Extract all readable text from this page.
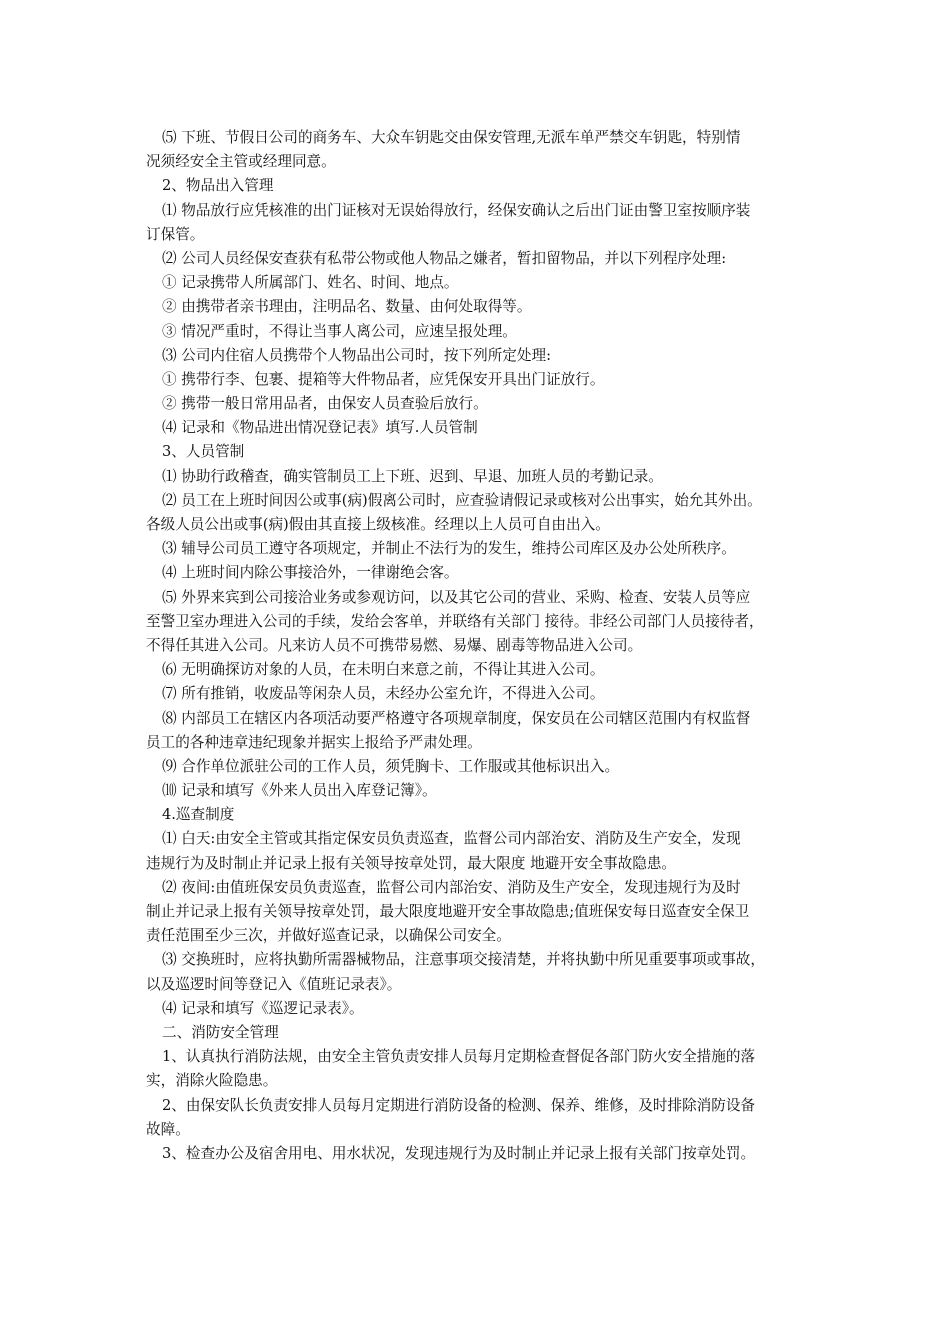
⑸ 下班、节假日公司的商务车、大众车钥匙交由保安管理,无派车单严禁交车钥匙，特别情
况须经安全主管或经理同意。
2、物品出入管理
⑴ 物品放行应凭核准的出门证核对无误始得放行，经保安确认之后出门证由警卫室按顺序装
订保管。
⑵ 公司人员经保安查获有私带公物或他人物品之嫌者，暂扣留物品，并以下列程序处理:
① 记录携带人所属部门、姓名、时间、地点。
② 由携带者亲书理由，注明品名、数量、由何处取得等。
③ 情况严重时，不得让当事人离公司，应速呈报处理。
⑶ 公司内住宿人员携带个人物品出公司时，按下列所定处理:
① 携带行李、包裹、提箱等大件物品者，应凭保安开具出门证放行。
② 携带一般日常用品者，由保安人员查验后放行。
⑷ 记录和《物品进出情况登记表》填写.人员管制
3、人员管制
⑴ 协助行政稽查，确实管制员工上下班、迟到、早退、加班人员的考勤记录。
⑵ 员工在上班时间因公或事(病)假离公司时，应查验请假记录或核对公出事实，始允其外出。
各级人员公出或事(病)假由其直接上级核准。经理以上人员可自由出入。
⑶ 辅导公司员工遵守各项规定，并制止不法行为的发生，维持公司库区及办公处所秩序。
⑷ 上班时间内除公事接洽外，一律谢绝会客。
⑸ 外界来宾到公司接洽业务或参观访问，以及其它公司的营业、采购、检查、安装人员等应
至警卫室办理进入公司的手续，发给会客单，并联络有关部门 接待。非经公司部门人员接待者，
不得任其进入公司。凡来访人员不可携带易燃、易爆、剧毒等物品进入公司。
⑹ 无明确探访对象的人员，在未明白来意之前，不得让其进入公司。
⑺ 所有推销，收废品等闲杂人员，未经办公室允许，不得进入公司。
⑻ 内部员工在辖区内各项活动要严格遵守各项规章制度，保安员在公司辖区范围内有权监督
员工的各种违章违纪现象并据实上报给予严肃处理。
⑼ 合作单位派驻公司的工作人员，须凭胸卡、工作服或其他标识出入。
⑽ 记录和填写《外来人员出入库登记簿》。
4.巡查制度
⑴ 白天:由安全主管或其指定保安员负责巡查，监督公司内部治安、消防及生产安全，发现
违规行为及时制止并记录上报有关领导按章处罚，最大限度 地避开安全事故隐患。
⑵ 夜间:由值班保安员负责巡查，监督公司内部治安、消防及生产安全，发现违规行为及时
制止并记录上报有关领导按章处罚，最大限度地避开安全事故隐患;值班保安每日巡查安全保卫
责任范围至少三次，并做好巡查记录，以确保公司安全。
⑶ 交换班时，应将执勤所需器械物品，注意事项交接清楚，并将执勤中所见重要事项或事故，
以及巡逻时间等登记入《值班记录表》。
⑷ 记录和填写《巡逻记录表》。
二、消防安全管理
1、认真执行消防法规，由安全主管负责安排人员每月定期检查督促各部门防火安全措施的落
实，消除火险隐患。
2、由保安队长负责安排人员每月定期进行消防设备的检测、保养、维修，及时排除消防设备
故障。
3、检查办公及宿舍用电、用水状况，发现违规行为及时制止并记录上报有关部门按章处罚。
